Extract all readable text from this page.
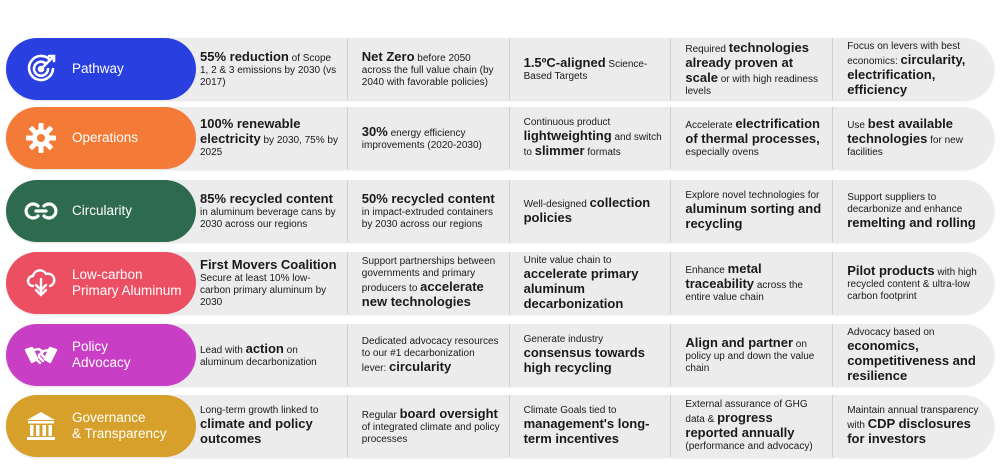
55% reduction of Scope 1, 2 & 3 emissions by 2030 (vs 2017)
Net Zero before 2050 across the full value chain (by 2040 with favorable policies)
1.5ºC-aligned Science-Based Targets
Required technologies already proven at scale or with high readiness levels
Focus on levers with best economics: circularity, electrification, efficiency
Pathway
100% renewable electricity by 2030, 75% by 2025
30% energy efficiency improvements (2020-2030)
Continuous product lightweighting and switch to slimmer formats
Accelerate electrification of thermal processes, especially ovens
Use best available technologies for new facilities
Operations
85% recycled content in aluminum beverage cans by 2030 across our regions
50% recycled content in impact-extruded containers by 2030 across our regions
Well-designed collection policies
Explore novel technologies for aluminum sorting and recycling
Support suppliers to decarbonize and enhance remelting and rolling
Circularity
First Movers Coalition Secure at least 10% low-carbon primary aluminum by 2030
Support partnerships between governments and primary producers to accelerate new technologies
Unite value chain to accelerate primary aluminum decarbonization
Enhance metal traceability across the entire value chain
Pilot products with high recycled content & ultra-low carbon footprint
Low-carbon
Primary Aluminum
Lead with action on aluminum decarbonization
Dedicated advocacy resources to our #1 decarbonization lever: circularity
Generate industry consensus towards high recycling
Align and partner on policy up and down the value chain
Advocacy based on economics, competitiveness and resilience
Policy
Advocacy
Long-term growth linked to climate and policy outcomes
Regular board oversight of integrated climate and policy processes
Climate Goals tied to management's long-term incentives
External assurance of GHG data & progress reported annually (performance and advocacy)
Maintain annual transparency with CDP disclosures for investors
Governance
& Transparency
